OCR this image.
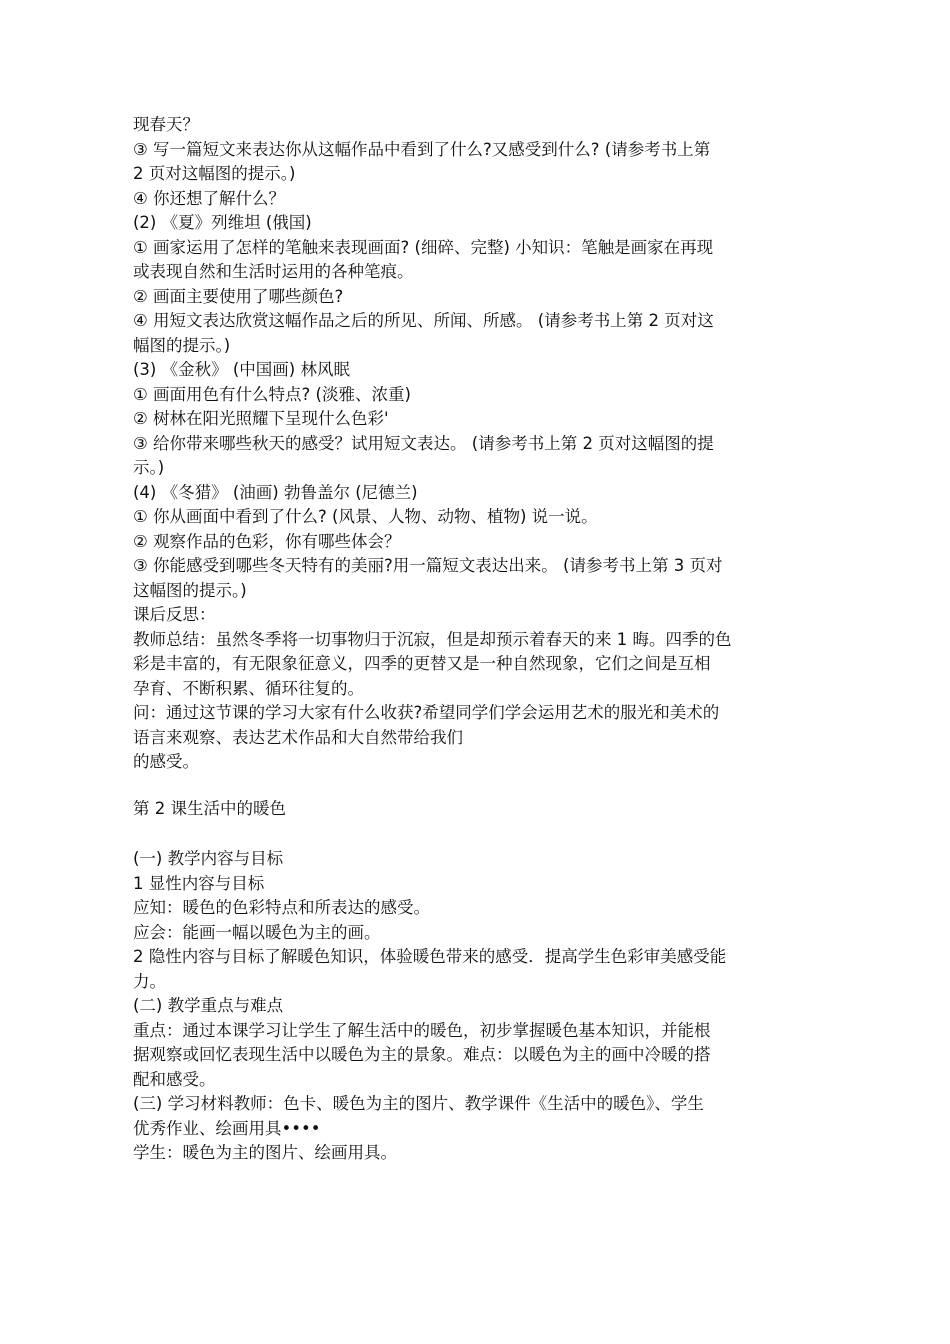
现春天？
③ 写一篇短文来表达你从这幅作品中看到了什么?又感受到什么? (请参考书上第
2 页对这幅图的提示。)
④ 你还想了解什么？
(2) 《夏》列维坦 (俄国)
① 画家运用了怎样的笔触来表现画面? (细碎、完整) 小知识：笔触是画家在再现
或表现自然和生活时运用的各种笔痕。
② 画面主要使用了哪些颜色?
④ 用短文表达欣赏这幅作品之后的所见、所闻、所感。 (请参考书上第 2 页对这
幅图的提示。)
(3) 《金秋》 (中国画) 林风眠
① 画面用色有什么特点? (淡雅、浓重)
② 树林在阳光照耀下呈现什么色彩'
③ 给你带来哪些秋天的感受？试用短文表达。 (请参考书上第 2 页对这幅图的提
示。)
(4) 《冬猎》 (油画) 勃鲁盖尔 (尼德兰)
① 你从画面中看到了什么? (风景、人物、动物、植物) 说一说。
② 观察作品的色彩，你有哪些体会？
③ 你能感受到哪些冬天特有的美丽?用一篇短文表达出来。 (请参考书上第 3 页对
这幅图的提示。)
课后反思：
教师总结：虽然冬季将一切事物归于沉寂，但是却预示着春天的来 1 晦。四季的色
彩是丰富的，有无限象征意义，四季的更替又是一种自然现象，它们之间是互相
孕育、不断积累、循环往复的。
问：通过这节课的学习大家有什么收获?希望同学们学会运用艺术的服光和美术的
语言来观察、表达艺术作品和大自然带给我们
的感受。
第 2 课生活中的暖色
(一) 教学内容与目标
1 显性内容与目标
应知：暖色的色彩特点和所表达的感受。
应会：能画一幅以暖色为主的画。
2 隐性内容与目标了解暖色知识，体验暖色带来的感受．提高学生色彩审美感受能
力。
(二) 教学重点与难点
重点：通过本课学习让学生了解生活中的暖色，初步掌握暖色基本知识，并能根
据观察或回忆表现生活中以暖色为主的景象。难点：以暖色为主的画中冷暖的搭
配和感受。
(三) 学习材料教师：色卡、暖色为主的图片、教学课件《生活中的暖色》、学生
优秀作业、绘画用具••••
学生：暖色为主的图片、绘画用具。
